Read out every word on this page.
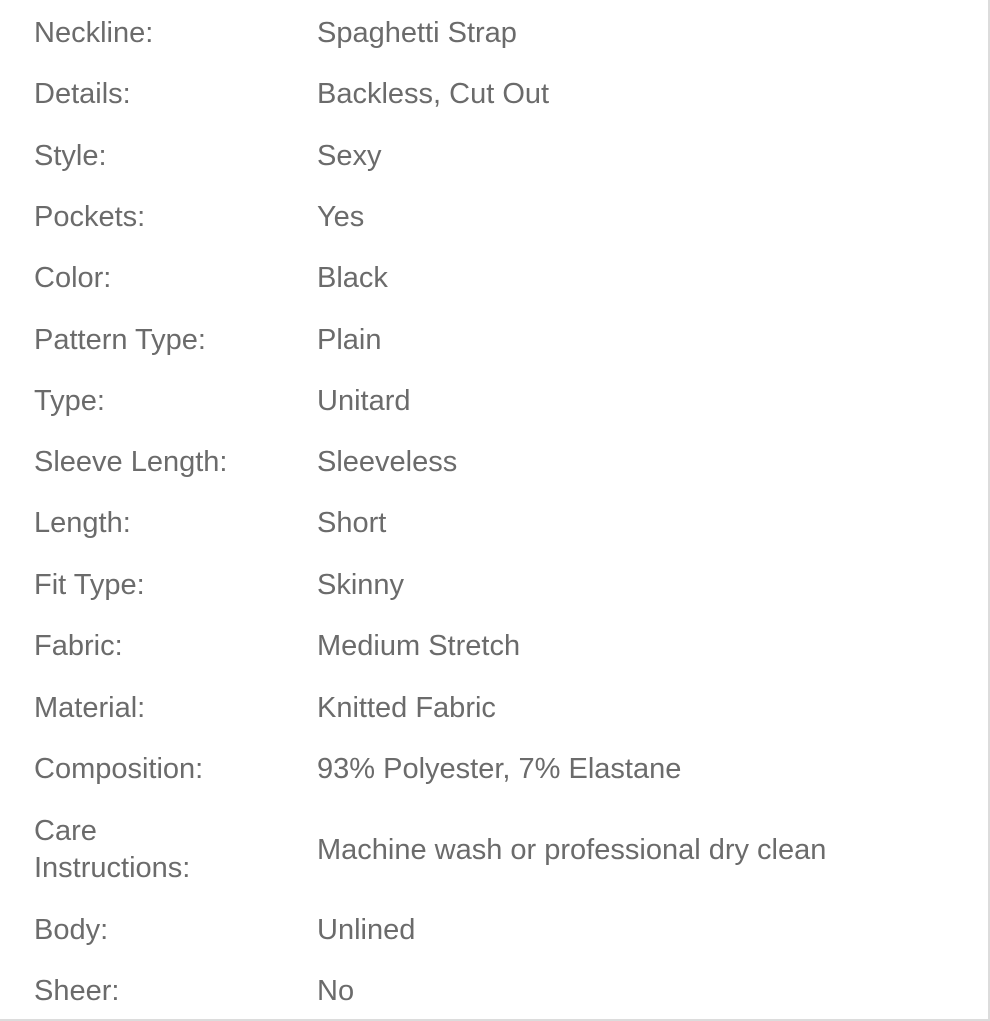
Neckline:	Spaghetti Strap
Details:	Backless, Cut Out
Style:	Sexy
Pockets:	Yes
Color:	Black
Pattern Type:	Plain
Type:	Unitard
Sleeve Length:	Sleeveless
Length:	Short
Fit Type:	Skinny
Fabric:	Medium Stretch
Material:	Knitted Fabric
Composition:	93% Polyester, 7% Elastane
Care Instructions:
Machine wash or professional dry clean
Body:	Unlined
Sheer:	No
